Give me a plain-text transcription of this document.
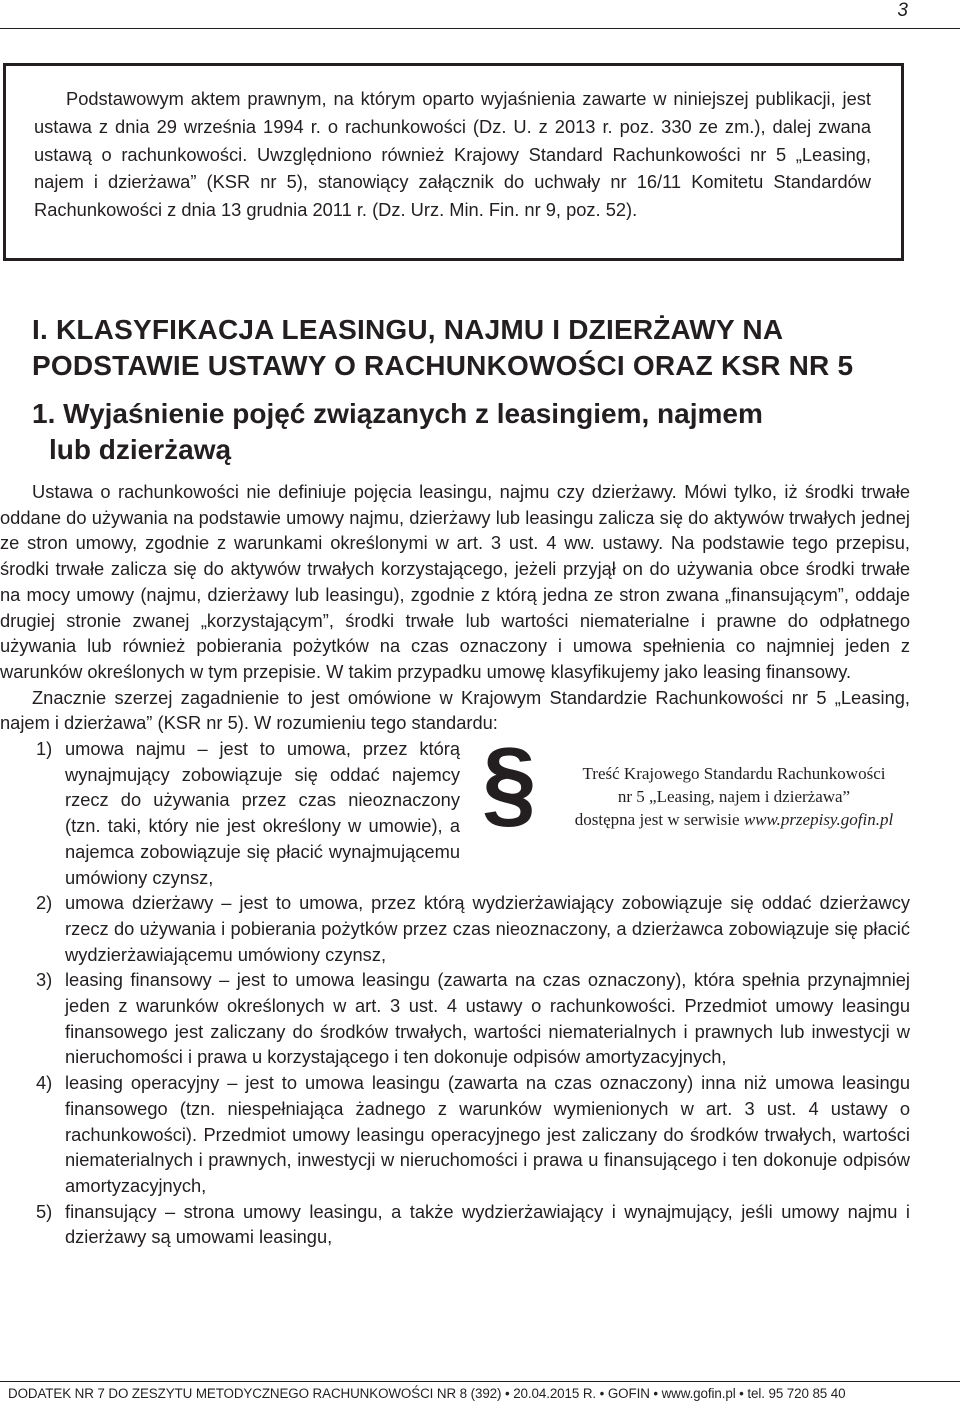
3

Podstawowym aktem prawnym, na którym oparto wyjaśnienia zawarte w niniejszej publikacji, jest ustawa z dnia 29 września 1994 r. o rachunkowości (Dz. U. z 2013 r. poz. 330 ze zm.), dalej zwana ustawą o rachunkowości. Uwzględniono również Krajowy Standard Rachunkowości nr 5 „Leasing, najem i dzierżawa” (KSR nr 5), stanowiący załącznik do uchwały nr 16/11 Komitetu Standardów Rachunkowości z dnia 13 grudnia 2011 r. (Dz. Urz. Min. Fin. nr 9, poz. 52).

I. KLASYFIKACJA LEASINGU, NAJMU I DZIERŻAWY NA
PODSTAWIE USTAWY O RACHUNKOWOŚCI ORAZ KSR NR 5
1. Wyjaśnienie pojęć związanych z leasingiem, najmem
lub dzierżawą

Ustawa o rachunkowości nie definiuje pojęcia leasingu, najmu czy dzierżawy. Mówi tylko, iż środki trwałe oddane do używania na podstawie umowy najmu, dzierżawy lub leasingu zalicza się do aktywów trwałych jednej ze stron umowy, zgodnie z warunkami określonymi w art. 3 ust. 4 ww. ustawy. Na podstawie tego przepisu, środki trwałe zalicza się do aktywów trwałych korzystającego, jeżeli przyjął on do używania obce środki trwałe na mocy umowy (najmu, dzierżawy lub leasingu), zgodnie z którą jedna ze stron zwana „finansującym”, oddaje drugiej stronie zwanej „korzystającym”, środki trwałe lub wartości niematerialne i prawne do odpłatnego używania lub również pobierania pożytków na czas oznaczony i umowa spełnienia co najmniej jeden z warunków określonych w tym przepisie. W takim przypadku umowę klasyfikujemy jako leasing finansowy.

Znacznie szerzej zagadnienie to jest omówione w Krajowym Standardzie Rachunkowości nr 5 „Leasing, najem i dzierżawa” (KSR nr 5). W rozumieniu tego standardu:

1)	§	Treść Krajowego Standardu Rachunkowości
nr 5 „Leasing, najem i dzierżawa”
dostępna jest w serwisie www.przepisy.gofin.pl
umowa najmu – jest to umowa, przez którą wynajmujący zobowiązuje się oddać najemcy rzecz do używania przez czas nieoznaczony (tzn. taki, który nie jest określony w umowie), a najemca zobowiązuje się płacić wynajmującemu umówiony czynsz,
2) umowa dzierżawy – jest to umowa, przez którą wydzierżawiający zobowiązuje się oddać dzierżawcy rzecz do używania i pobierania pożytków przez czas nieoznaczony, a dzierżawca zobowiązuje się płacić wydzierżawiającemu umówiony czynsz,
3) leasing finansowy – jest to umowa leasingu (zawarta na czas oznaczony), która spełnia przynajmniej jeden z warunków określonych w art. 3 ust. 4 ustawy o rachunkowości. Przedmiot umowy leasingu finansowego jest zaliczany do środków trwałych, wartości niematerialnych i prawnych lub inwestycji w nieruchomości i prawa u korzystającego i ten dokonuje odpisów amortyzacyjnych,
4) leasing operacyjny – jest to umowa leasingu (zawarta na czas oznaczony) inna niż umowa leasingu finansowego (tzn. niespełniająca żadnego z warunków wymienionych w art. 3 ust. 4 ustawy o rachunkowości). Przedmiot umowy leasingu operacyjnego jest zaliczany do środków trwałych, wartości niematerialnych i prawnych, inwestycji w nieruchomości i prawa u finansującego i ten dokonuje odpisów amortyzacyjnych,
5) finansujący – strona umowy leasingu, a także wydzierżawiający i wynajmujący, jeśli umowy najmu i dzierżawy są umowami leasingu,
DODATEK NR 7 DO ZESZYTU METODYCZNEGO RACHUNKOWOŚCI NR 8 (392) • 20.04.2015 R. • GOFIN • www.gofin.pl • tel. 95 720 85 40
